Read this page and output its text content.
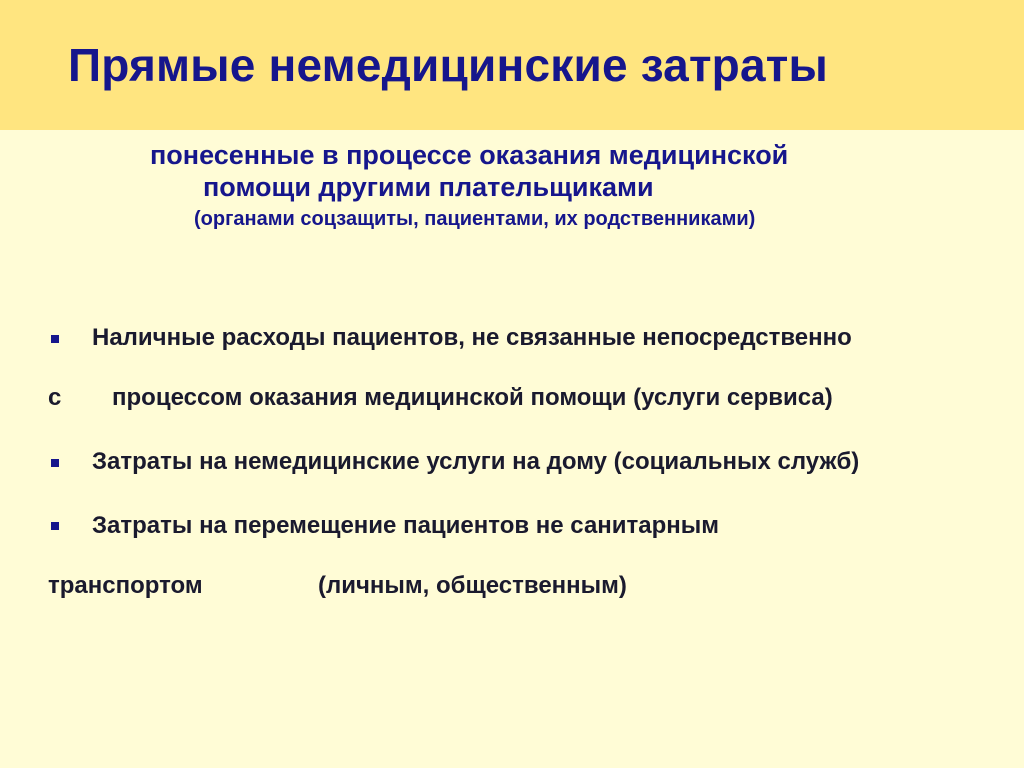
Прямые немедицинские затраты

понесенные в процессе оказания медицинской

помощи другими плательщиками

(органами соцзащиты, пациентами, их родственниками)

Наличные расходы пациентов, не связанные непосредственно

с процессом оказания медицинской помощи (услуги сервиса)

Затраты на немедицинские услуги на дому (социальных служб)

Затраты на перемещение пациентов не санитарным

транспортом	(личным, общественным)
